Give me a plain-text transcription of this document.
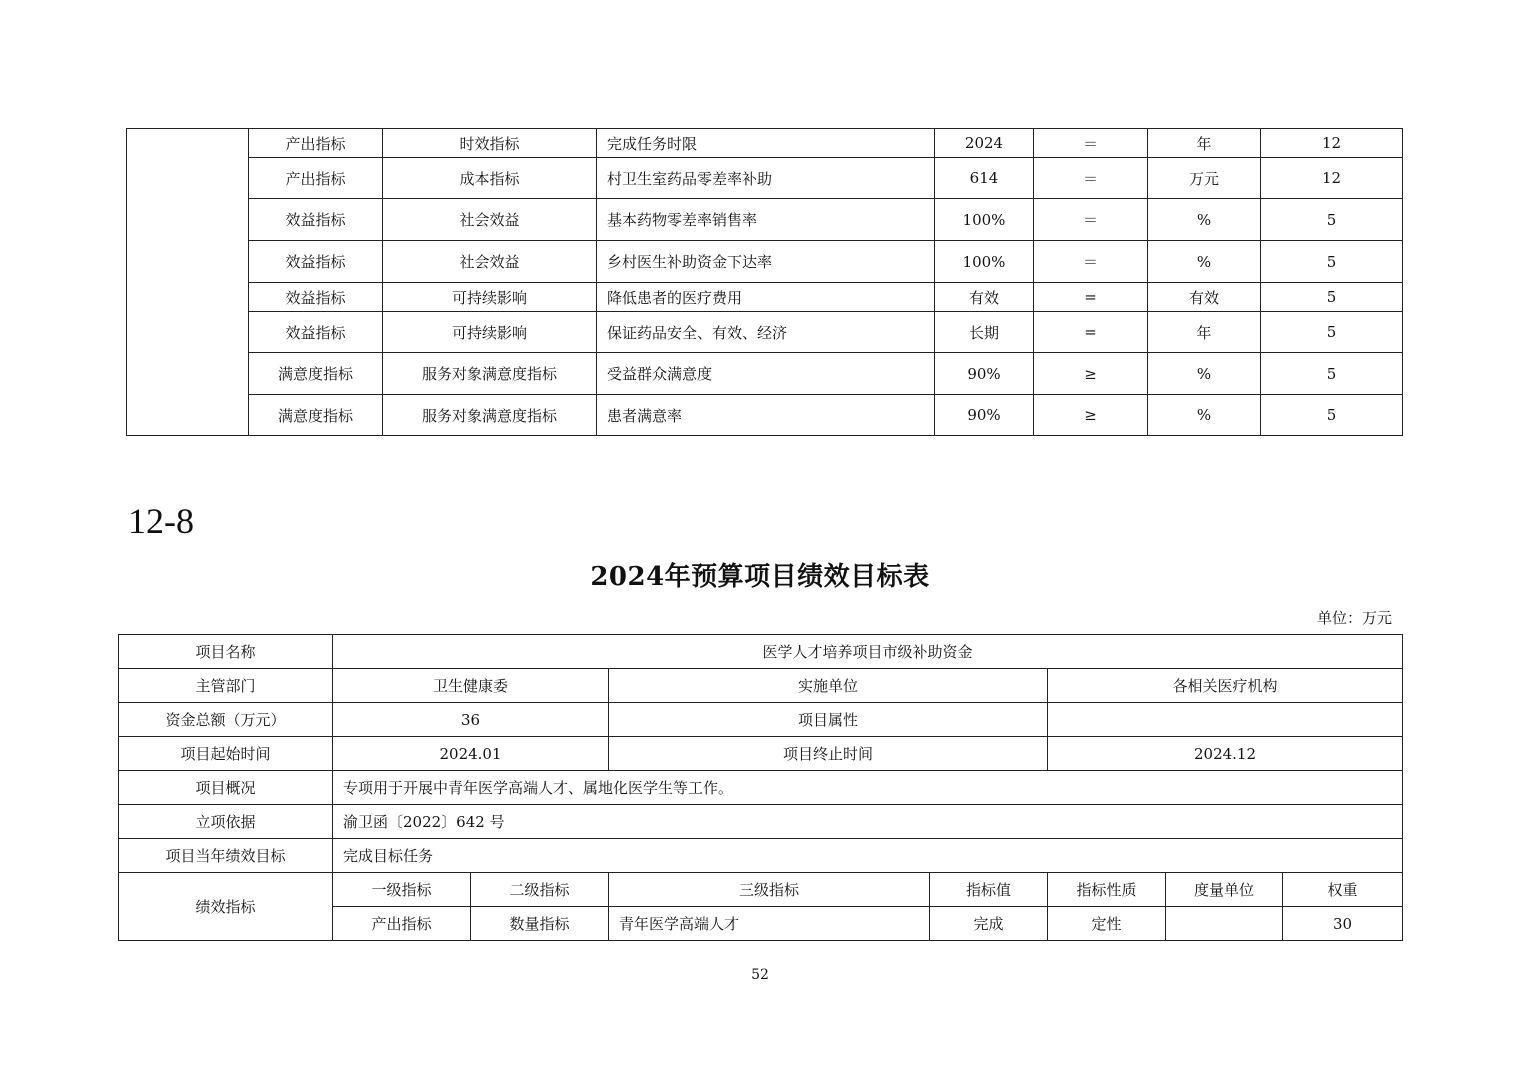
	产出指标	时效指标	完成任务时限	2024	＝	年	12
	产出指标	成本指标	村卫生室药品零差率补助	614	＝	万元	12
	效益指标	社会效益	基本药物零差率销售率	100%	＝	%	5
	效益指标	社会效益	乡村医生补助资金下达率	100%	＝	%	5
	效益指标	可持续影响	降低患者的医疗费用	有效	=	有效	5
	效益指标	可持续影响	保证药品安全、有效、经济	长期	=	年	5
	满意度指标	服务对象满意度指标	受益群众满意度	90%	≥	%	5
	满意度指标	服务对象满意度指标	患者满意率	90%	≥	%	5
12-8
2024年预算项目绩效目标表
单位：万元
项目名称	医学人才培养项目市级补助资金						
主管部门	卫生健康委		实施单位		各相关医疗机构		
资金总额（万元）	36		项目属性				
项目起始时间	2024.01		项目终止时间		2024.12		
项目概况	专项用于开展中青年医学高端人才、属地化医学生等工作。						
立项依据	渝卫函〔2022〕642 号						
项目当年绩效目标	完成目标任务						
绩效指标	一级指标	二级指标	三级指标	指标值	指标性质	度量单位	权重
	产出指标	数量指标	青年医学高端人才	完成	定性		30
52
